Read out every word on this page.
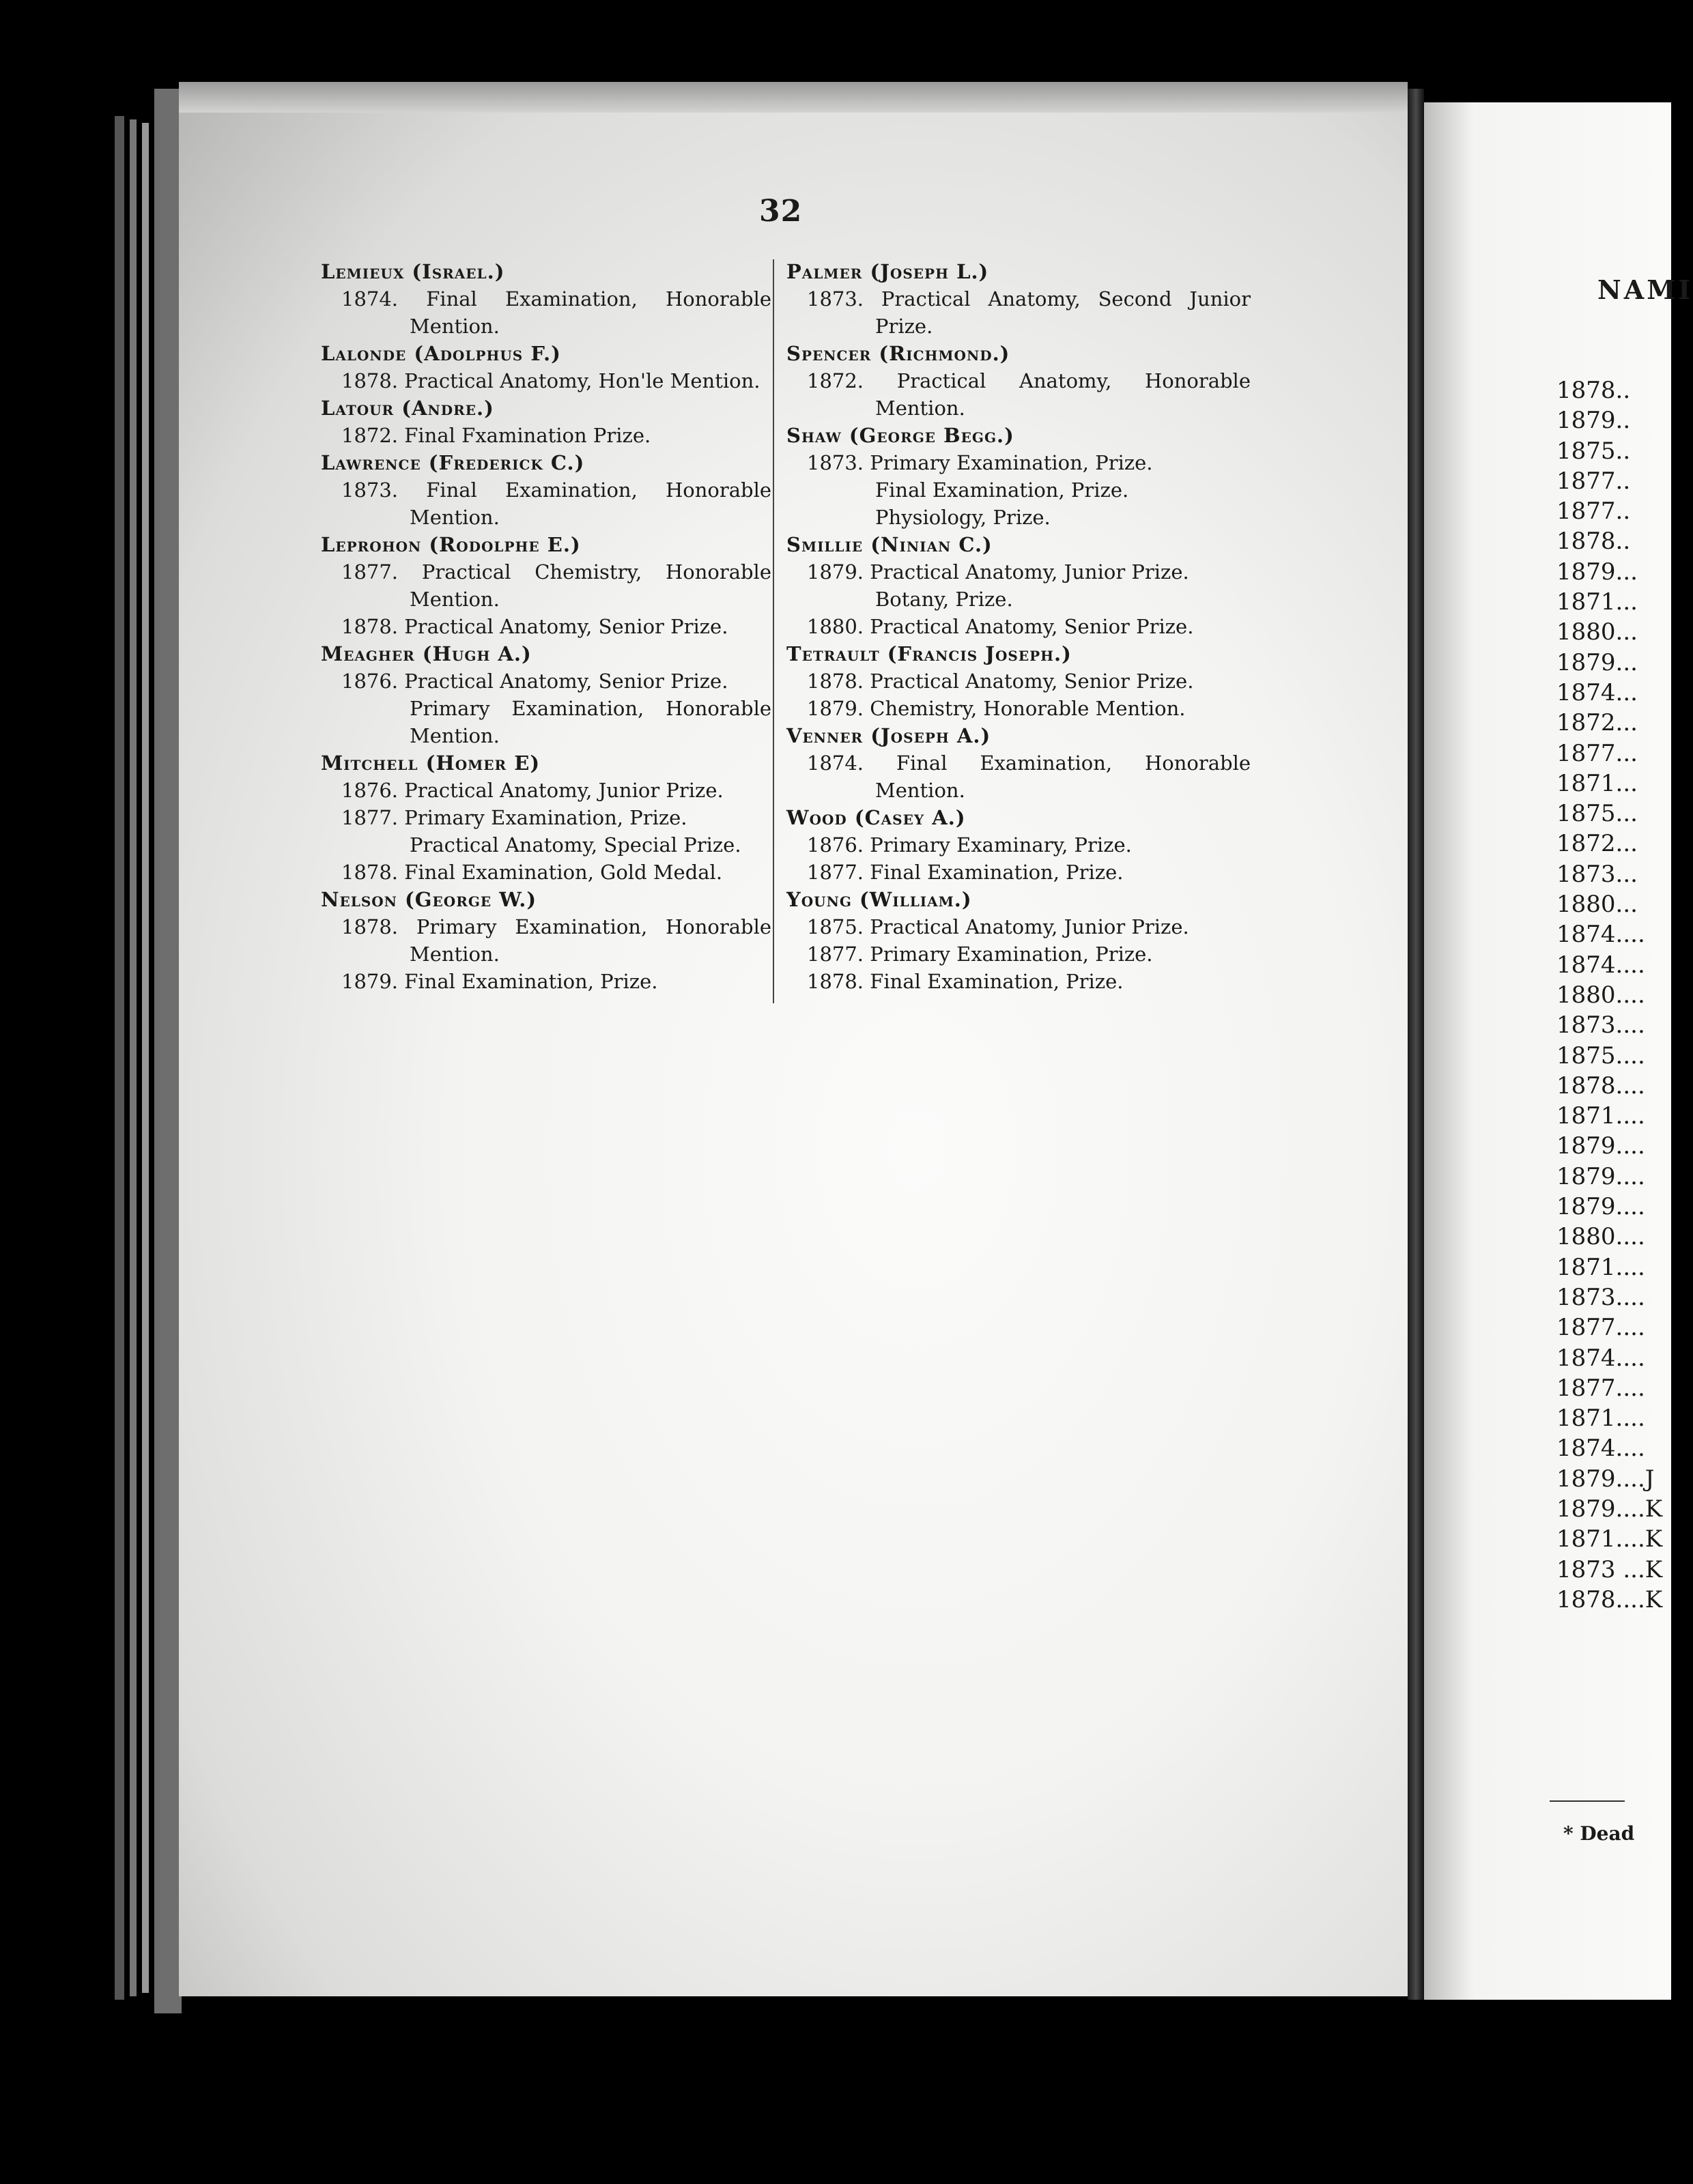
32
Lemieux (Israel.)
1874. Final Examination, Honorable Mention.
Lalonde (Adolphus F.)
1878. Practical Anatomy, Hon'le Mention.
Latour (Andre.)
1872. Final Fxamination Prize.
Lawrence (Frederick C.)
1873. Final Examination, Honorable Mention.
Leprohon (Rodolphe E.)
1877. Practical Chemistry, Honorable Mention.
1878. Practical Anatomy, Senior Prize.
Meagher (Hugh A.)
1876. Practical Anatomy, Senior Prize.
Primary Examination, Honorable Mention.
Mitchell (Homer E)
1876. Practical Anatomy, Junior Prize.
1877. Primary Examination, Prize.
Practical Anatomy, Special Prize.
1878. Final Examination, Gold Medal.
Nelson (George W.)
1878. Primary Examination, Honorable Mention.
1879. Final Examination, Prize.
Palmer (Joseph L.)
1873. Practical Anatomy, Second Junior Prize.
Spencer (Richmond.)
1872. Practical Anatomy, Honorable Mention.
Shaw (George Begg.)
1873. Primary Examination, Prize.
Final Examination, Prize.
Physiology, Prize.
Smillie (Ninian C.)
1879. Practical Anatomy, Junior Prize.
Botany, Prize.
1880. Practical Anatomy, Senior Prize.
Tetrault (Francis Joseph.)
1878. Practical Anatomy, Senior Prize.
1879. Chemistry, Honorable Mention.
Venner (Joseph A.)
1874. Final Examination, Honorable Mention.
Wood (Casey A.)
1876. Primary Examinary, Prize.
1877. Final Examination, Prize.
Young (William.)
1875. Practical Anatomy, Junior Prize.
1877. Primary Examination, Prize.
1878. Final Examination, Prize.
NAMI
1878..
1879..
1875..
1877..
1877..
1878..
1879...
1871...
1880...
1879...
1874...
1872...
1877...
1871...
1875...
1872...
1873...
1880...
1874....
1874....
1880....
1873....
1875....
1878....
1871....
1879....
1879....
1879....
1880....
1871....
1873....
1877....
1874....
1877....
1871....
1874....
1879....J
1879....K
1871....K
1873 ...K
1878....K
* Dead
